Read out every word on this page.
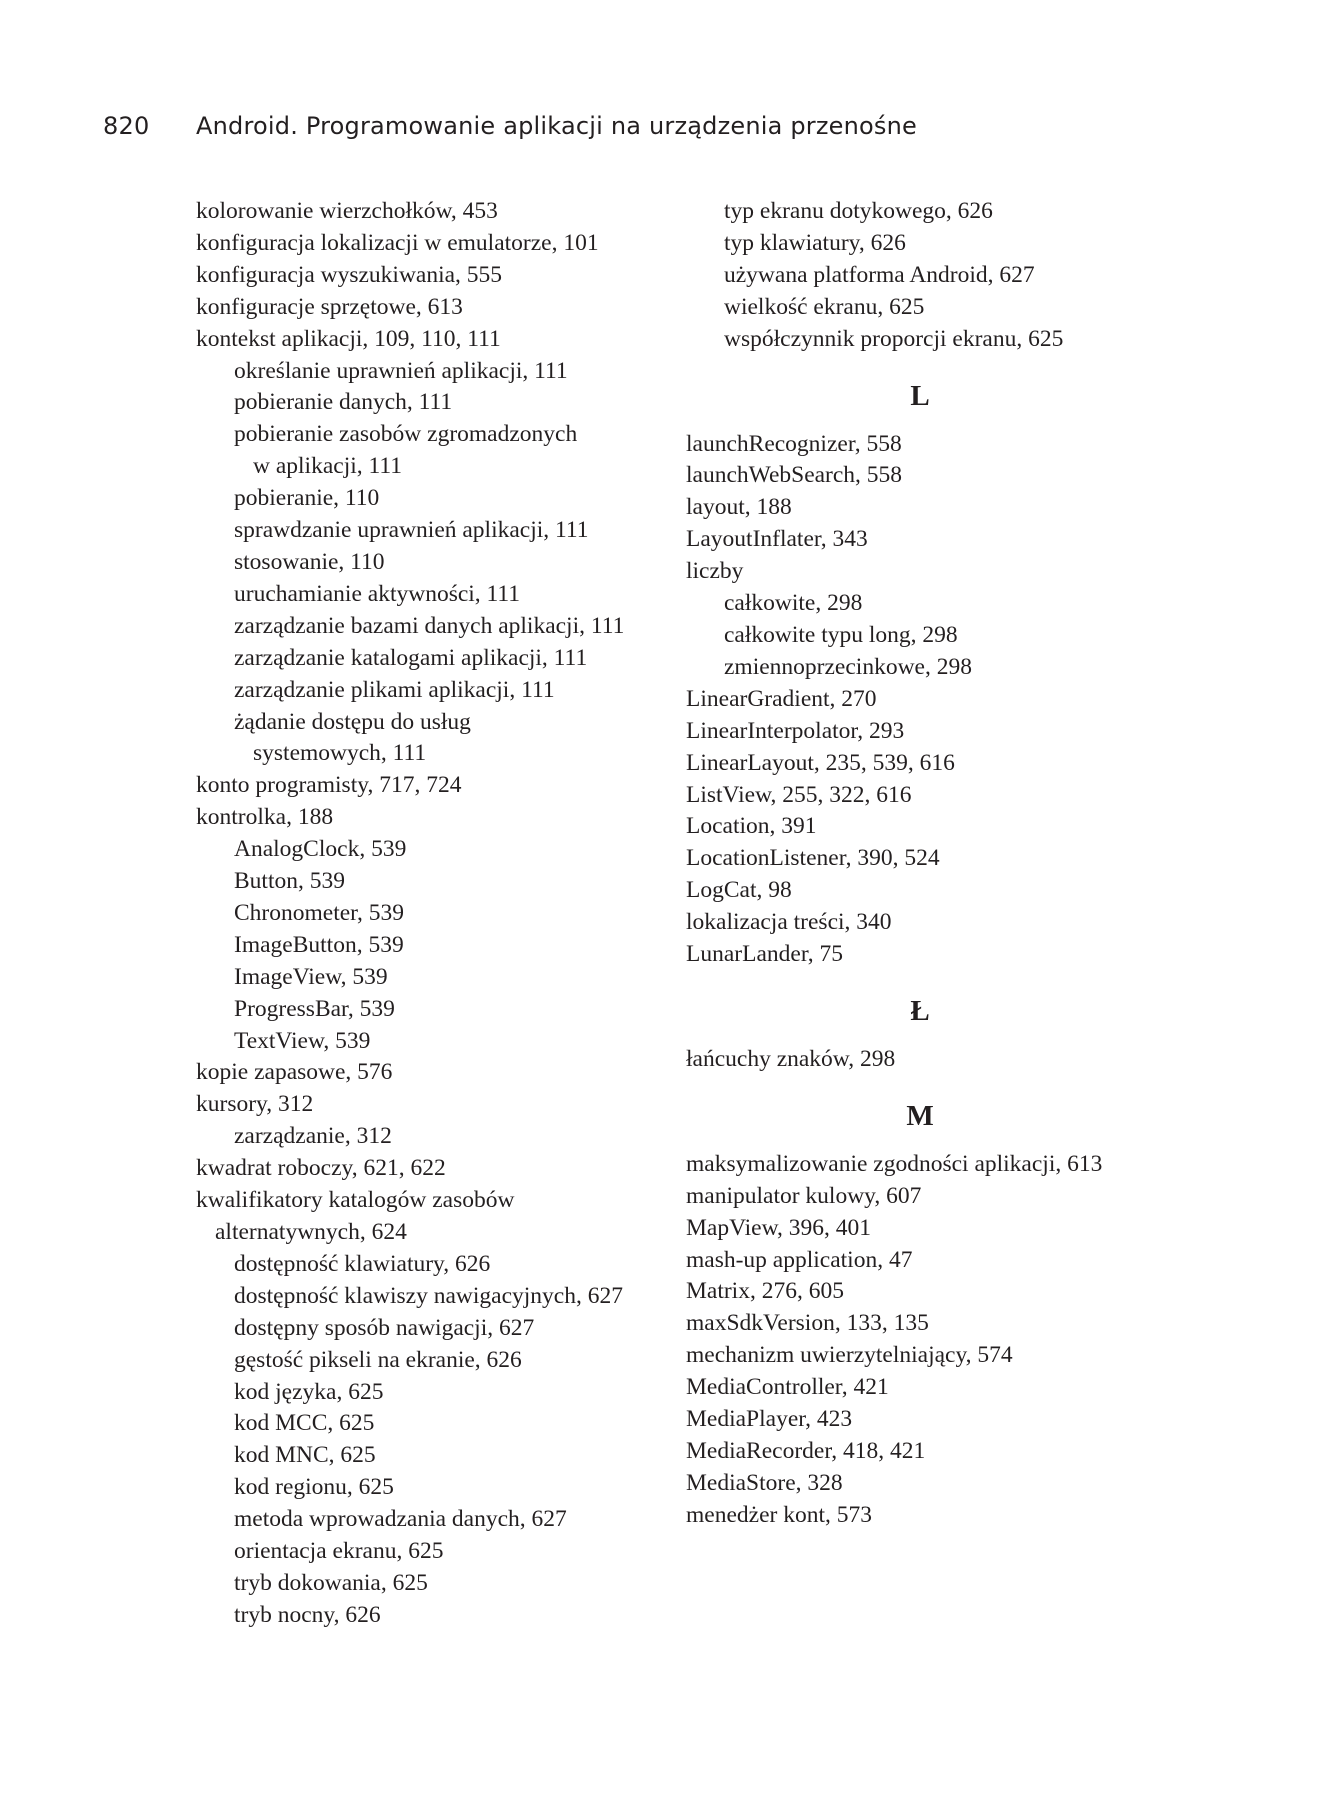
820 Android. Programowanie aplikacji na urządzenia przenośne
kolorowanie wierzchołków, 453
konfiguracja lokalizacji w emulatorze, 101
konfiguracja wyszukiwania, 555
konfiguracje sprzętowe, 613
kontekst aplikacji, 109, 110, 111
określanie uprawnień aplikacji, 111
pobieranie danych, 111
pobieranie zasobów zgromadzonych
w aplikacji, 111
pobieranie, 110
sprawdzanie uprawnień aplikacji, 111
stosowanie, 110
uruchamianie aktywności, 111
zarządzanie bazami danych aplikacji, 111
zarządzanie katalogami aplikacji, 111
zarządzanie plikami aplikacji, 111
żądanie dostępu do usług
systemowych, 111
konto programisty, 717, 724
kontrolka, 188
AnalogClock, 539
Button, 539
Chronometer, 539
ImageButton, 539
ImageView, 539
ProgressBar, 539
TextView, 539
kopie zapasowe, 576
kursory, 312
zarządzanie, 312
kwadrat roboczy, 621, 622
kwalifikatory katalogów zasobów
alternatywnych, 624
dostępność klawiatury, 626
dostępność klawiszy nawigacyjnych, 627
dostępny sposób nawigacji, 627
gęstość pikseli na ekranie, 626
kod języka, 625
kod MCC, 625
kod MNC, 625
kod regionu, 625
metoda wprowadzania danych, 627
orientacja ekranu, 625
tryb dokowania, 625
tryb nocny, 626
typ ekranu dotykowego, 626
typ klawiatury, 626
używana platforma Android, 627
wielkość ekranu, 625
współczynnik proporcji ekranu, 625
L
launchRecognizer, 558
launchWebSearch, 558
layout, 188
LayoutInflater, 343
liczby
całkowite, 298
całkowite typu long, 298
zmiennoprzecinkowe, 298
LinearGradient, 270
LinearInterpolator, 293
LinearLayout, 235, 539, 616
ListView, 255, 322, 616
Location, 391
LocationListener, 390, 524
LogCat, 98
lokalizacja treści, 340
LunarLander, 75
Ł
łańcuchy znaków, 298
M
maksymalizowanie zgodności aplikacji, 613
manipulator kulowy, 607
MapView, 396, 401
mash-up application, 47
Matrix, 276, 605
maxSdkVersion, 133, 135
mechanizm uwierzytelniający, 574
MediaController, 421
MediaPlayer, 423
MediaRecorder, 418, 421
MediaStore, 328
menedżer kont, 573
